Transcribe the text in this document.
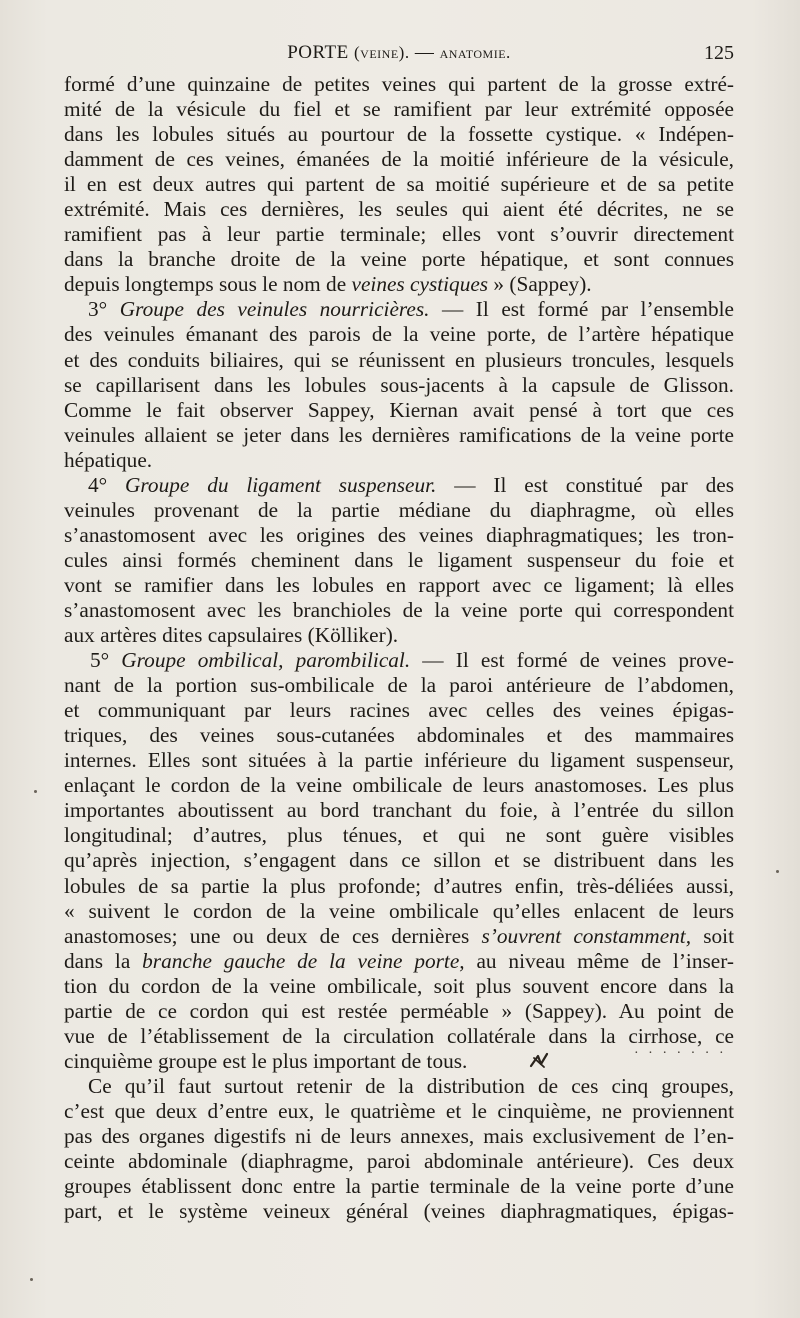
PORTE (veine). — anatomie.	125
formé d’une quinzaine de petites veines qui partent de la grosse extré-
mité de la vésicule du fiel et se ramifient par leur extrémité opposée
dans les lobules situés au pourtour de la fossette cystique. « Indépen-
damment de ces veines, émanées de la moitié inférieure de la vésicule,
il en est deux autres qui partent de sa moitié supérieure et de sa petite
extrémité. Mais ces dernières, les seules qui aient été décrites, ne se
ramifient pas à leur partie terminale; elles vont s’ouvrir directement
dans la branche droite de la veine porte hépatique, et sont connues
depuis longtemps sous le nom de veines cystiques » (Sappey).
3° Groupe des veinules nourricières. — Il est formé par l’ensemble
des veinules émanant des parois de la veine porte, de l’artère hépatique
et des conduits biliaires, qui se réunissent en plusieurs troncules, lesquels
se capillarisent dans les lobules sous-jacents à la capsule de Glisson.
Comme le fait observer Sappey, Kiernan avait pensé à tort que ces
veinules allaient se jeter dans les dernières ramifications de la veine porte
hépatique.
4° Groupe du ligament suspenseur. — Il est constitué par des
veinules provenant de la partie médiane du diaphragme, où elles
s’anastomosent avec les origines des veines diaphragmatiques; les tron-
cules ainsi formés cheminent dans le ligament suspenseur du foie et
vont se ramifier dans les lobules en rapport avec ce ligament; là elles
s’anastomosent avec les branchioles de la veine porte qui correspondent
aux artères dites capsulaires (Kölliker).
5° Groupe ombilical, parombilical. — Il est formé de veines prove-
nant de la portion sus-ombilicale de la paroi antérieure de l’abdomen,
et communiquant par leurs racines avec celles des veines épigas-
triques, des veines sous-cutanées abdominales et des mammaires
internes. Elles sont situées à la partie inférieure du ligament suspenseur,
enlaçant le cordon de la veine ombilicale de leurs anastomoses. Les plus
importantes aboutissent au bord tranchant du foie, à l’entrée du sillon
longitudinal; d’autres, plus ténues, et qui ne sont guère visibles
qu’après injection, s’engagent dans ce sillon et se distribuent dans les
lobules de sa partie la plus profonde; d’autres enfin, très-déliées aussi,
« suivent le cordon de la veine ombilicale qu’elles enlacent de leurs
anastomoses; une ou deux de ces dernières s’ouvrent constamment, soit
dans la branche gauche de la veine porte, au niveau même de l’inser-
tion du cordon de la veine ombilicale, soit plus souvent encore dans la
partie de ce cordon qui est restée perméable » (Sappey). Au point de
vue de l’établissement de la circulation collatérale dans la cirrhose, ce
cinquième groupe est le plus important de tous.
Ce qu’il faut surtout retenir de la distribution de ces cinq groupes,
c’est que deux d’entre eux, le quatrième et le cinquième, ne proviennent
pas des organes digestifs ni de leurs annexes, mais exclusivement de l’en-
ceinte abdominale (diaphragme, paroi abdominale antérieure). Ces deux
groupes établissent donc entre la partie terminale de la veine porte d’une
part, et le système veineux général (veines diaphragmatiques, épigas-
· · · · · · ·
